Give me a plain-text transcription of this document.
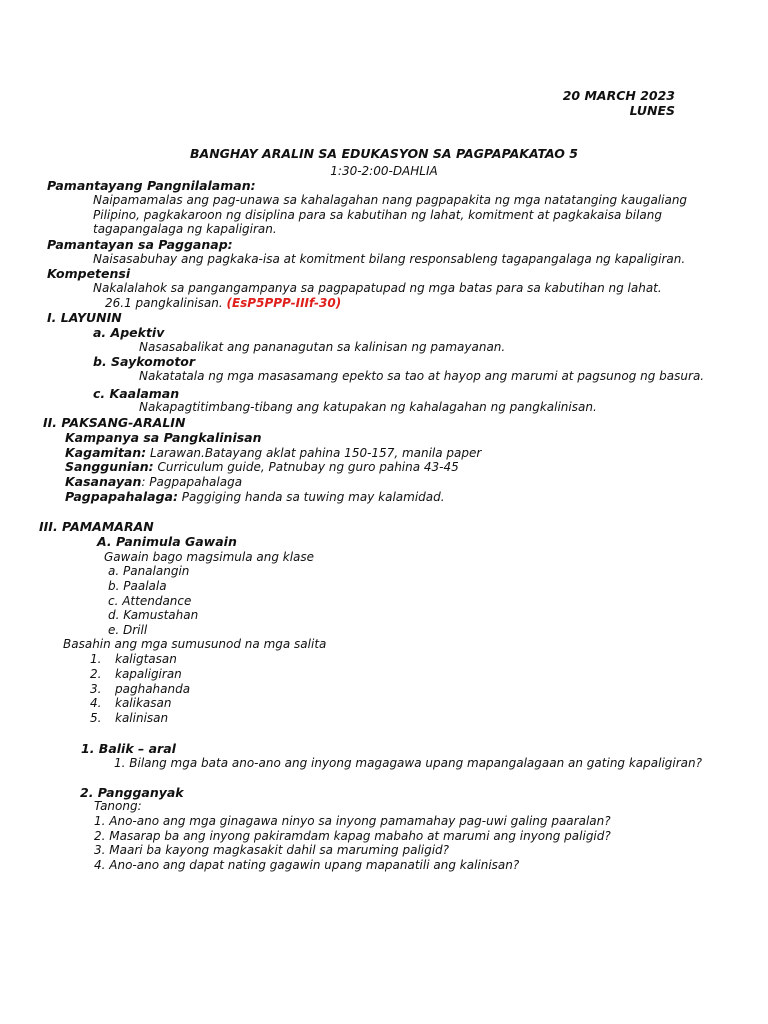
20 MARCH 2023
LUNES
BANGHAY ARALIN SA EDUKASYON SA PAGPAPAKATAO 5
1:30-2:00-DAHLIA
Pamantayang Pangnilalaman:
Naipamamalas ang pag-unawa sa kahalagahan nang pagpapakita ng mga natatanging kaugaliang
Pilipino, pagkakaroon ng disiplina para sa kabutihan ng lahat, komitment at pagkakaisa bilang
tagapangalaga ng kapaligiran.
Pamantayan sa Pagganap:
Naisasabuhay ang pagkaka-isa at komitment bilang responsableng tagapangalaga ng kapaligiran.
Kompetensi
Nakalalahok sa pangangampanya sa pagpapatupad ng mga batas para sa kabutihan ng lahat.
26.1 pangkalinisan. (EsP5PPP-IIIf-30)
I. LAYUNIN
a. Apektiv
Nasasabalikat ang pananagutan sa kalinisan ng pamayanan.
b. Saykomotor
Nakatatala ng mga masasamang epekto sa tao at hayop ang marumi at pagsunog ng basura.
c. Kaalaman
Nakapagtitimbang-tibang ang katupakan ng kahalagahan ng pangkalinisan.
II. PAKSANG-ARALIN
Kampanya sa Pangkalinisan
Kagamitan: Larawan.Batayang aklat pahina 150-157, manila paper
Sanggunian: Curriculum guide, Patnubay ng guro pahina 43-45
Kasanayan: Pagpapahalaga
Pagpapahalaga: Paggiging handa sa tuwing may kalamidad.
III. PAMAMARAN
A. Panimula Gawain
Gawain bago magsimula ang klase
a. Panalangin
b. Paalala
c. Attendance
d. Kamustahan
e. Drill
Basahin ang mga sumusunod na mga salita
1. kaligtasan
2. kapaligiran
3. paghahanda
4. kalikasan
5. kalinisan
1. Balik – aral
1. Bilang mga bata ano-ano ang inyong magagawa upang mapangalagaan an gating kapaligiran?
2. Pangganyak
Tanong:
1. Ano-ano ang mga ginagawa ninyo sa inyong pamamahay pag-uwi galing paaralan?
2. Masarap ba ang inyong pakiramdam kapag mabaho at marumi ang inyong paligid?
3. Maari ba kayong magkasakit dahil sa maruming paligid?
4. Ano-ano ang dapat nating gagawin upang mapanatili ang kalinisan?
